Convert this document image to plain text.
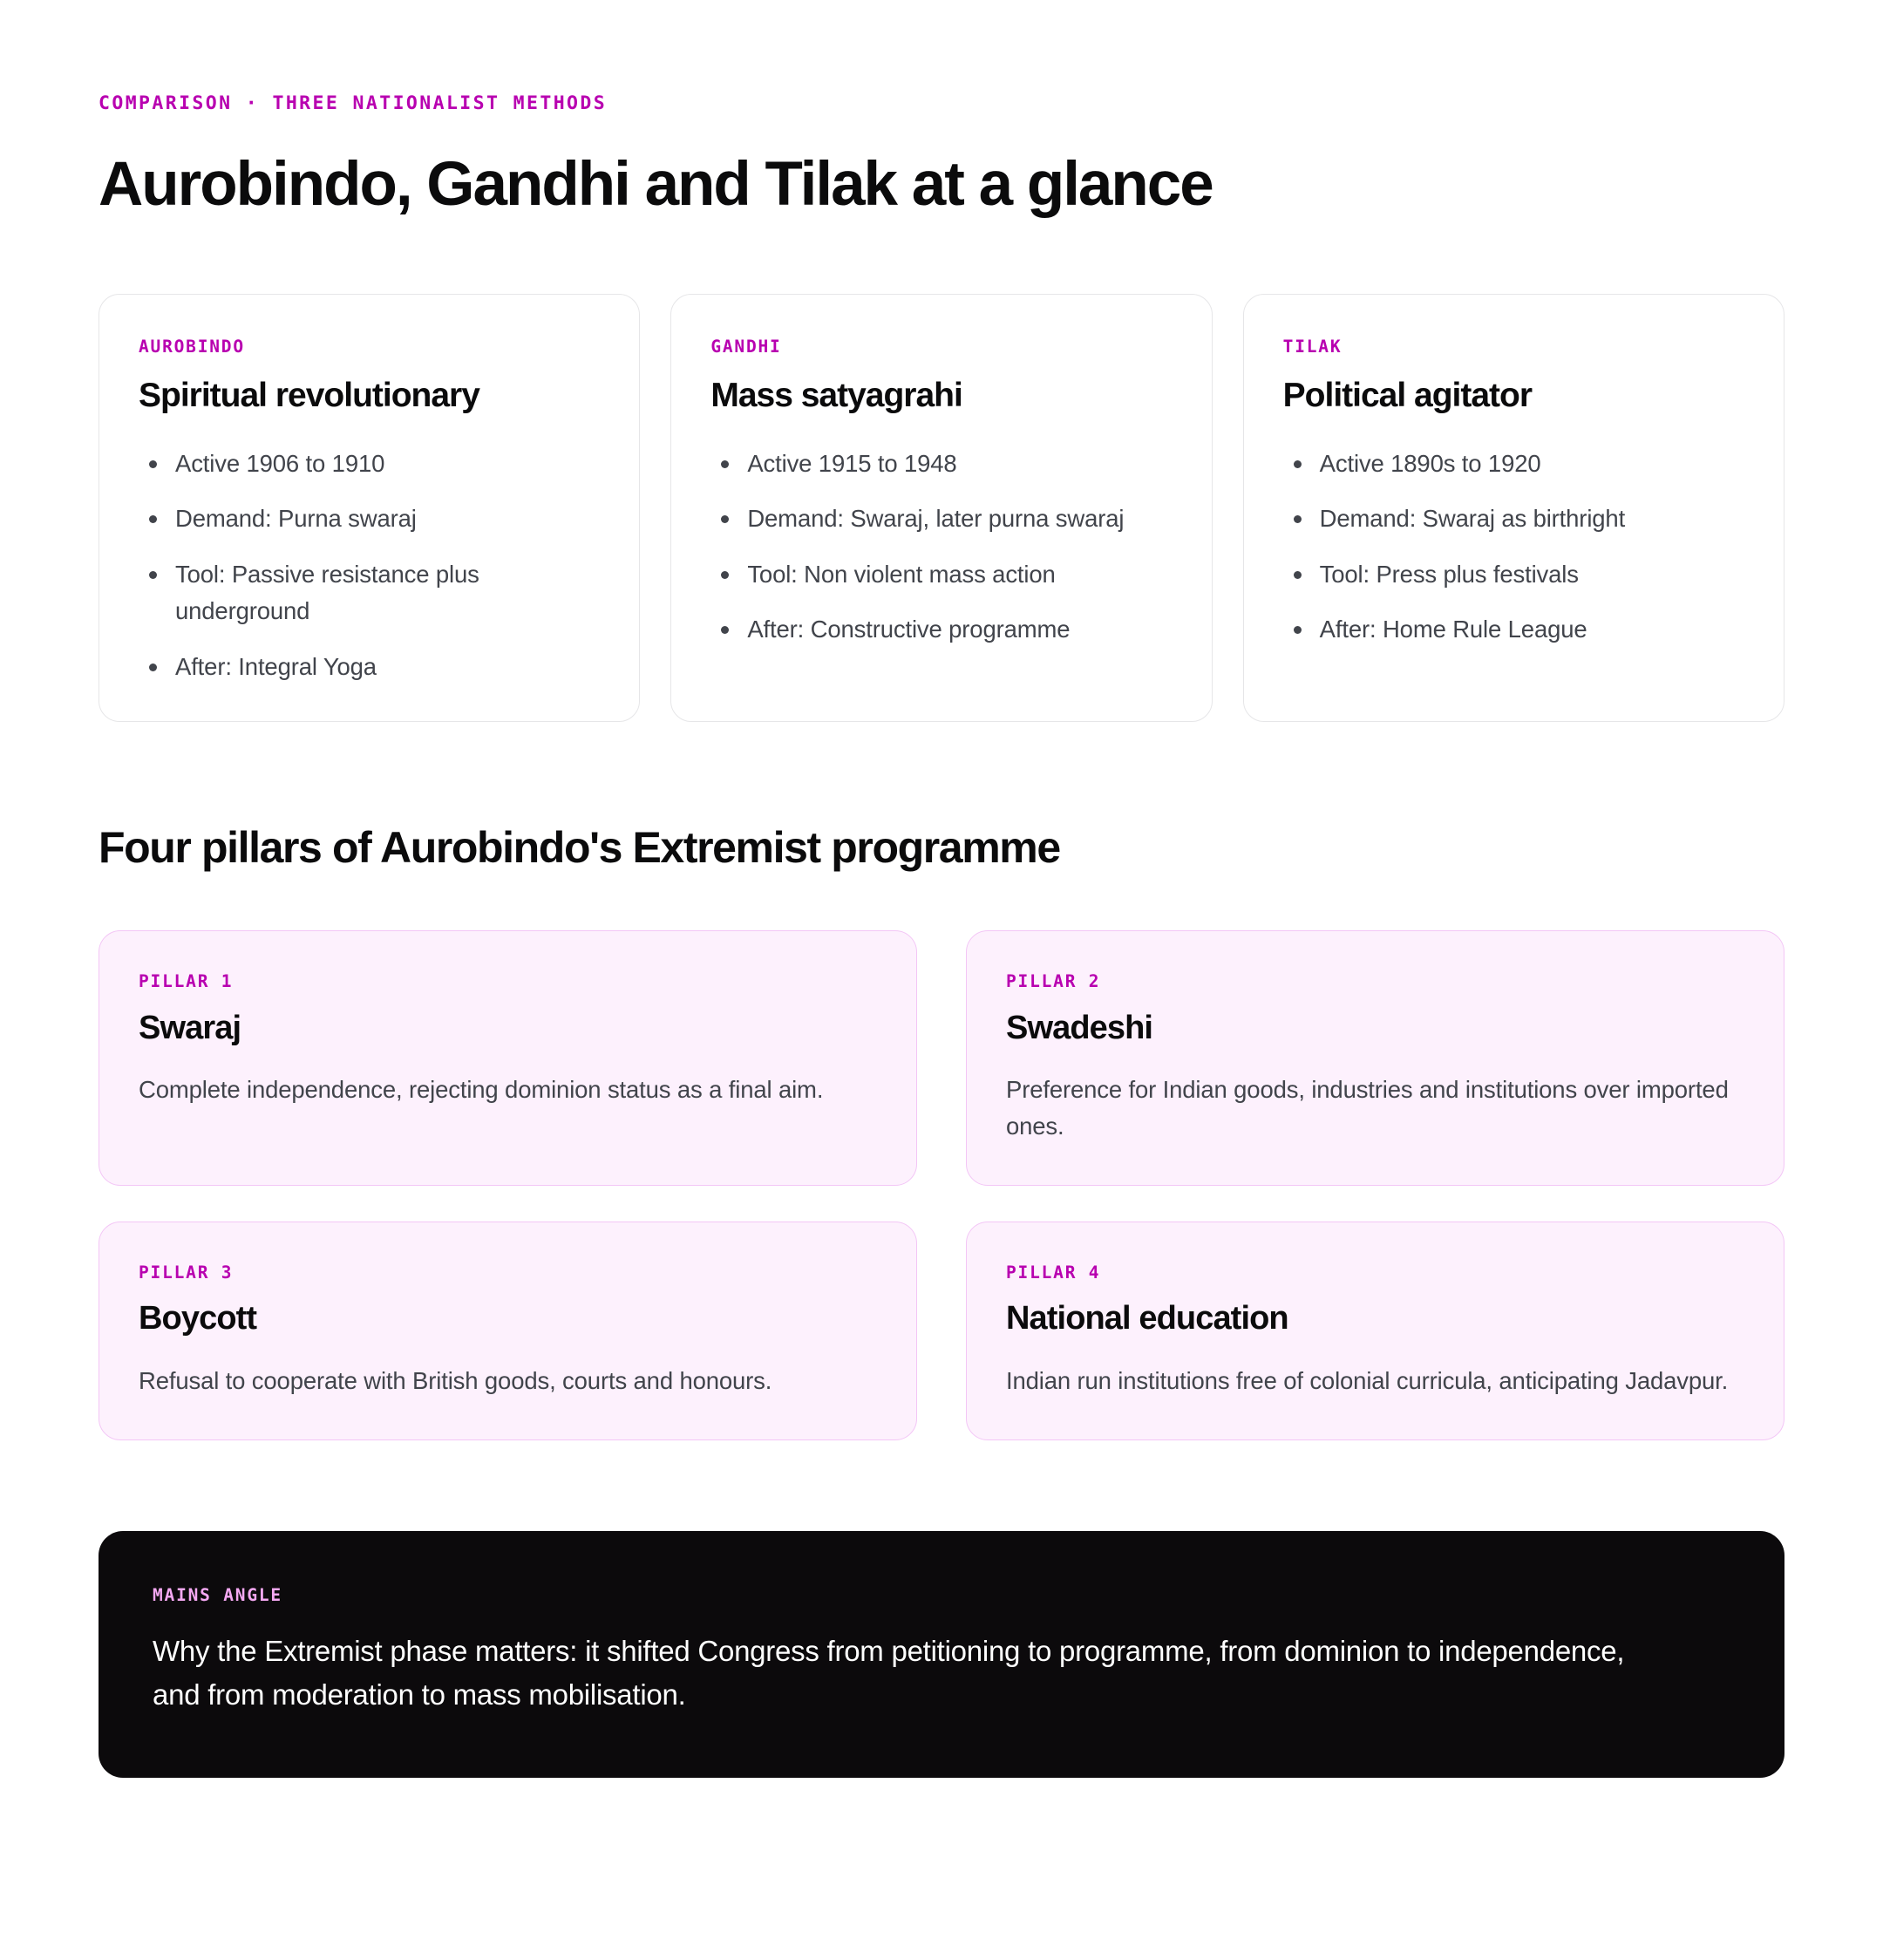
COMPARISON · THREE NATIONALIST METHODS
Aurobindo, Gandhi and Tilak at a glance
AUROBINDO
Spiritual revolutionary
Active 1906 to 1910
Demand: Purna swaraj
Tool: Passive resistance plus underground
After: Integral Yoga
GANDHI
Mass satyagrahi
Active 1915 to 1948
Demand: Swaraj, later purna swaraj
Tool: Non violent mass action
After: Constructive programme
TILAK
Political agitator
Active 1890s to 1920
Demand: Swaraj as birthright
Tool: Press plus festivals
After: Home Rule League
Four pillars of Aurobindo's Extremist programme
PILLAR 1
Swaraj

Complete independence, rejecting dominion status as a final aim.

PILLAR 2
Swadeshi

Preference for Indian goods, industries and institutions over imported ones.

PILLAR 3
Boycott

Refusal to cooperate with British goods, courts and honours.

PILLAR 4
National education

Indian run institutions free of colonial curricula, anticipating Jadavpur.

MAINS ANGLE

Why the Extremist phase matters: it shifted Congress from petitioning to programme, from dominion to independence, and from moderation to mass mobilisation.
